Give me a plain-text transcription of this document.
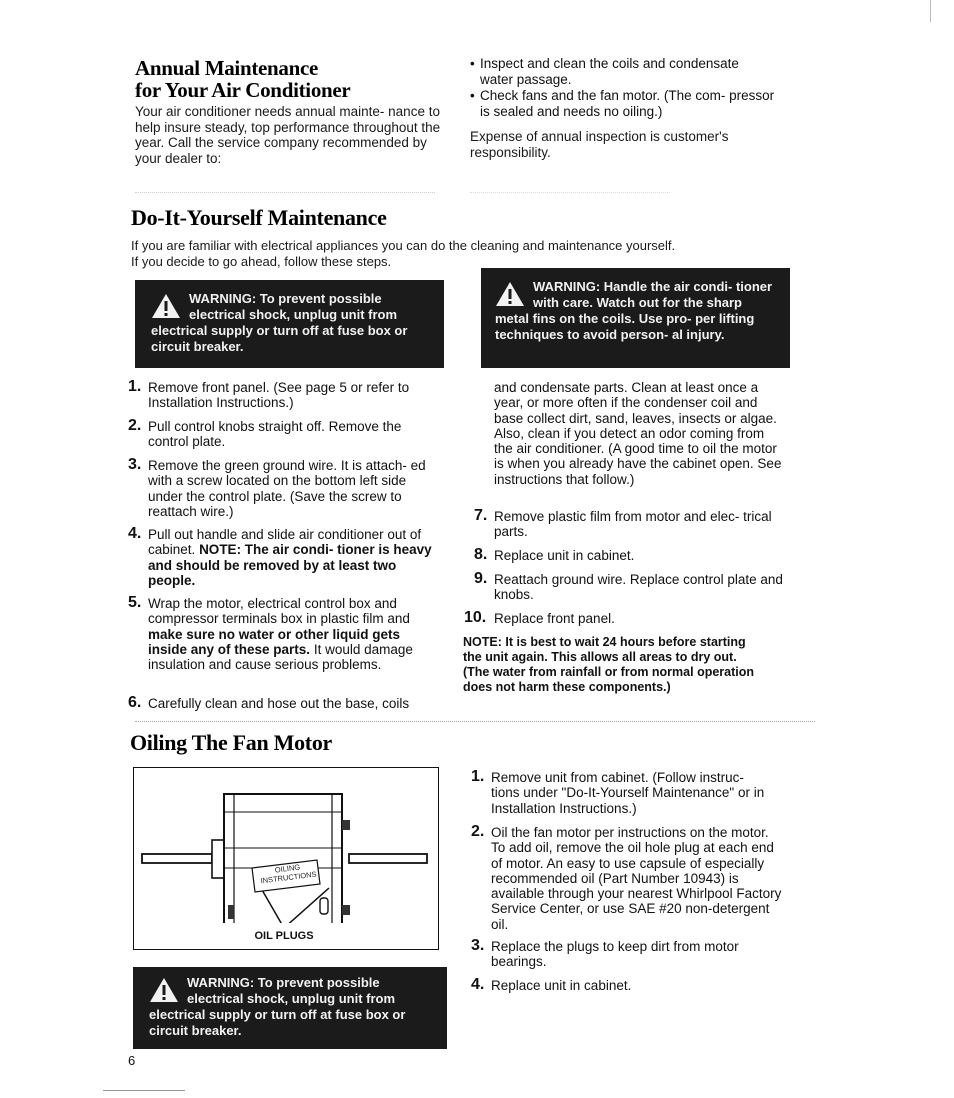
Annual Maintenance
for Your Air Conditioner
Your air conditioner needs annual mainte- nance to help insure steady, top performance throughout the year. Call the service company recommended by your dealer to:
• Inspect and clean the coils and condensate water passage.
• Check fans and the fan motor. (The com- pressor is sealed and needs no oiling.)
Expense of annual inspection is customer's responsibility.
Do-It-Yourself Maintenance
If you are familiar with electrical appliances you can do the cleaning and maintenance yourself.
If you decide to go ahead, follow these steps.
WARNING: To prevent possible electrical shock, unplug unit from electrical supply or turn off at fuse box or circuit breaker.
WARNING: Handle the air condi- tioner with care. Watch out for the sharp metal fins on the coils. Use pro- per lifting techniques to avoid person- al injury.
1. Remove front panel. (See page 5 or refer to Installation Instructions.)
2. Pull control knobs straight off. Remove the control plate.
3. Remove the green ground wire. It is attach- ed with a screw located on the bottom left side under the control plate. (Save the screw to reattach wire.)
4. Pull out handle and slide air conditioner out of cabinet. NOTE: The air condi- tioner is heavy and should be removed by at least two people.
5. Wrap the motor, electrical control box and compressor terminals box in plastic film and make sure no water or other liquid gets inside any of these parts. It would damage insulation and cause serious problems.
6. Carefully clean and hose out the base, coils
and condensate parts. Clean at least once a year, or more often if the condenser coil and base collect dirt, sand, leaves, insects or algae. Also, clean if you detect an odor coming from the air conditioner. (A good time to oil the motor is when you already have the cabinet open. See instructions that follow.)
7. Remove plastic film from motor and elec- trical parts.
8. Replace unit in cabinet.
9. Reattach ground wire. Replace control plate and knobs.
10. Replace front panel.
NOTE: It is best to wait 24 hours before starting the unit again. This allows all areas to dry out. (The water from rainfall or from normal operation does not harm these components.)
Oiling The Fan Motor
OILING INSTRUCTIONS
OIL PLUGS
WARNING: To prevent possible electrical shock, unplug unit from electrical supply or turn off at fuse box or circuit breaker.
1. Remove unit from cabinet. (Follow instruc- tions under "Do-It-Yourself Maintenance" or in Installation Instructions.)
2. Oil the fan motor per instructions on the motor. To add oil, remove the oil hole plug at each end of motor. An easy to use capsule of especially recommended oil (Part Number 10943) is available through your nearest Whirlpool Factory Service Center, or use SAE #20 non-detergent oil.
3. Replace the plugs to keep dirt from motor bearings.
4. Replace unit in cabinet.
6
